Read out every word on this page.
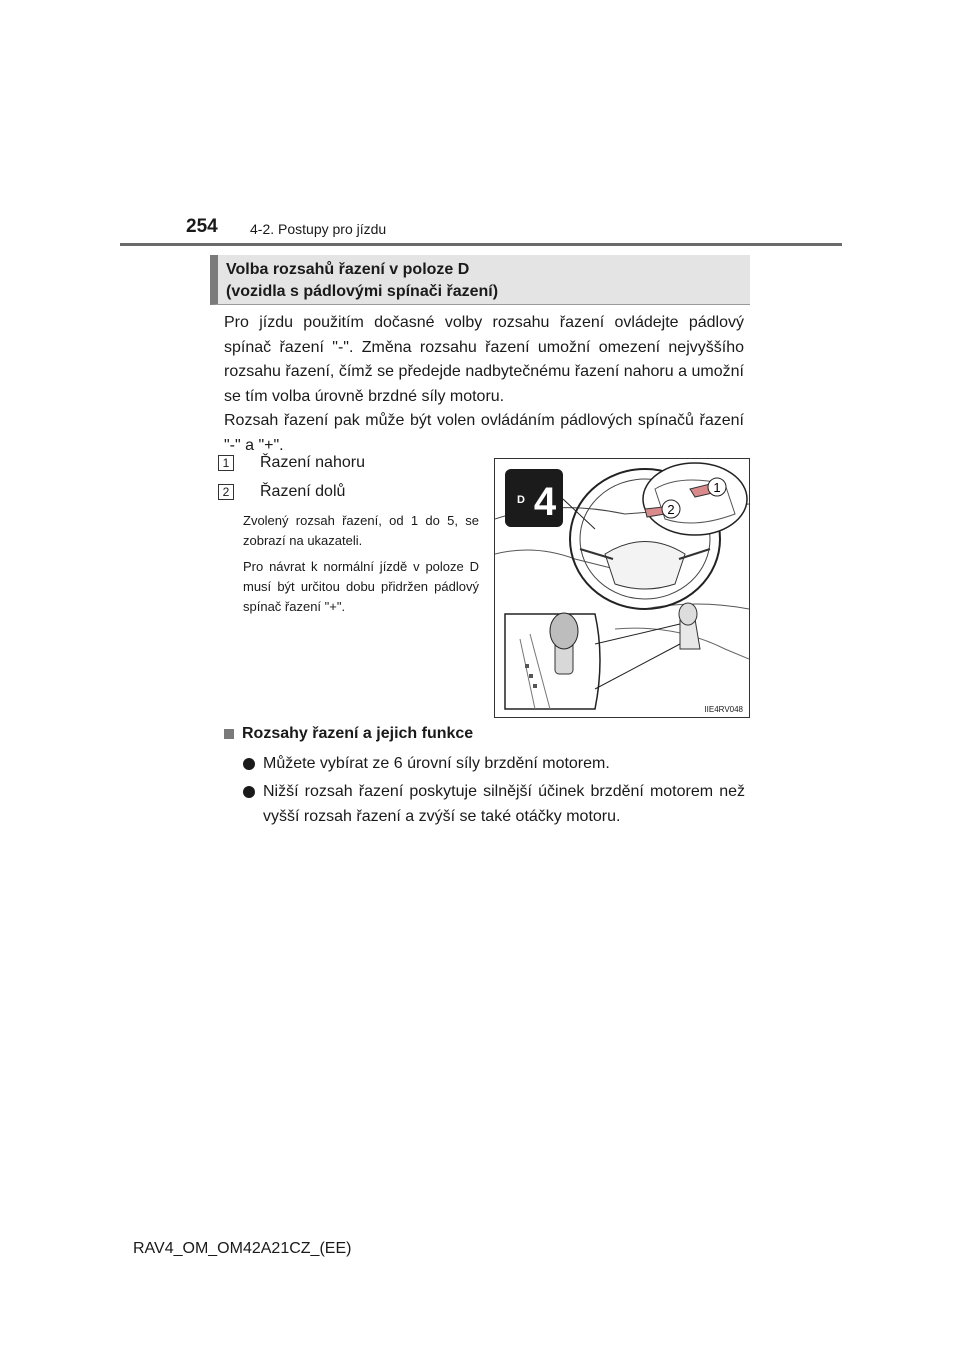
254 4-2. Postupy pro jízdu
Volba rozsahů řazení v poloze D
(vozidla s pádlovými spínači řazení)

Pro jízdu použitím dočasné volby rozsahu řazení ovládejte pádlový spínač řazení "-". Změna rozsahu řazení umožní omezení nejvyššího rozsahu řazení, čímž se předejde nadbytečnému řazení nahoru a umožní se tím volba úrovně brzdné síly motoru.

Rozsah řazení pak může být volen ovládáním pádlových spínačů řazení "-" a "+".

1 Řazení nahoru
2 Řazení dolů
Zvolený rozsah řazení, od 1 do 5, se zobrazí na ukazateli.
Pro návrat k normální jízdě v poloze D musí být určitou dobu přidržen pádlový spínač řazení "+".
1
2
D 4
IIE4RV048
Rozsahy řazení a jejich funkce
Můžete vybírat ze 6 úrovní síly brzdění motorem.
Nižší rozsah řazení poskytuje silnější účinek brzdění motorem než vyšší rozsah řazení a zvýší se také otáčky motoru.
RAV4_OM_OM42A21CZ_(EE)
